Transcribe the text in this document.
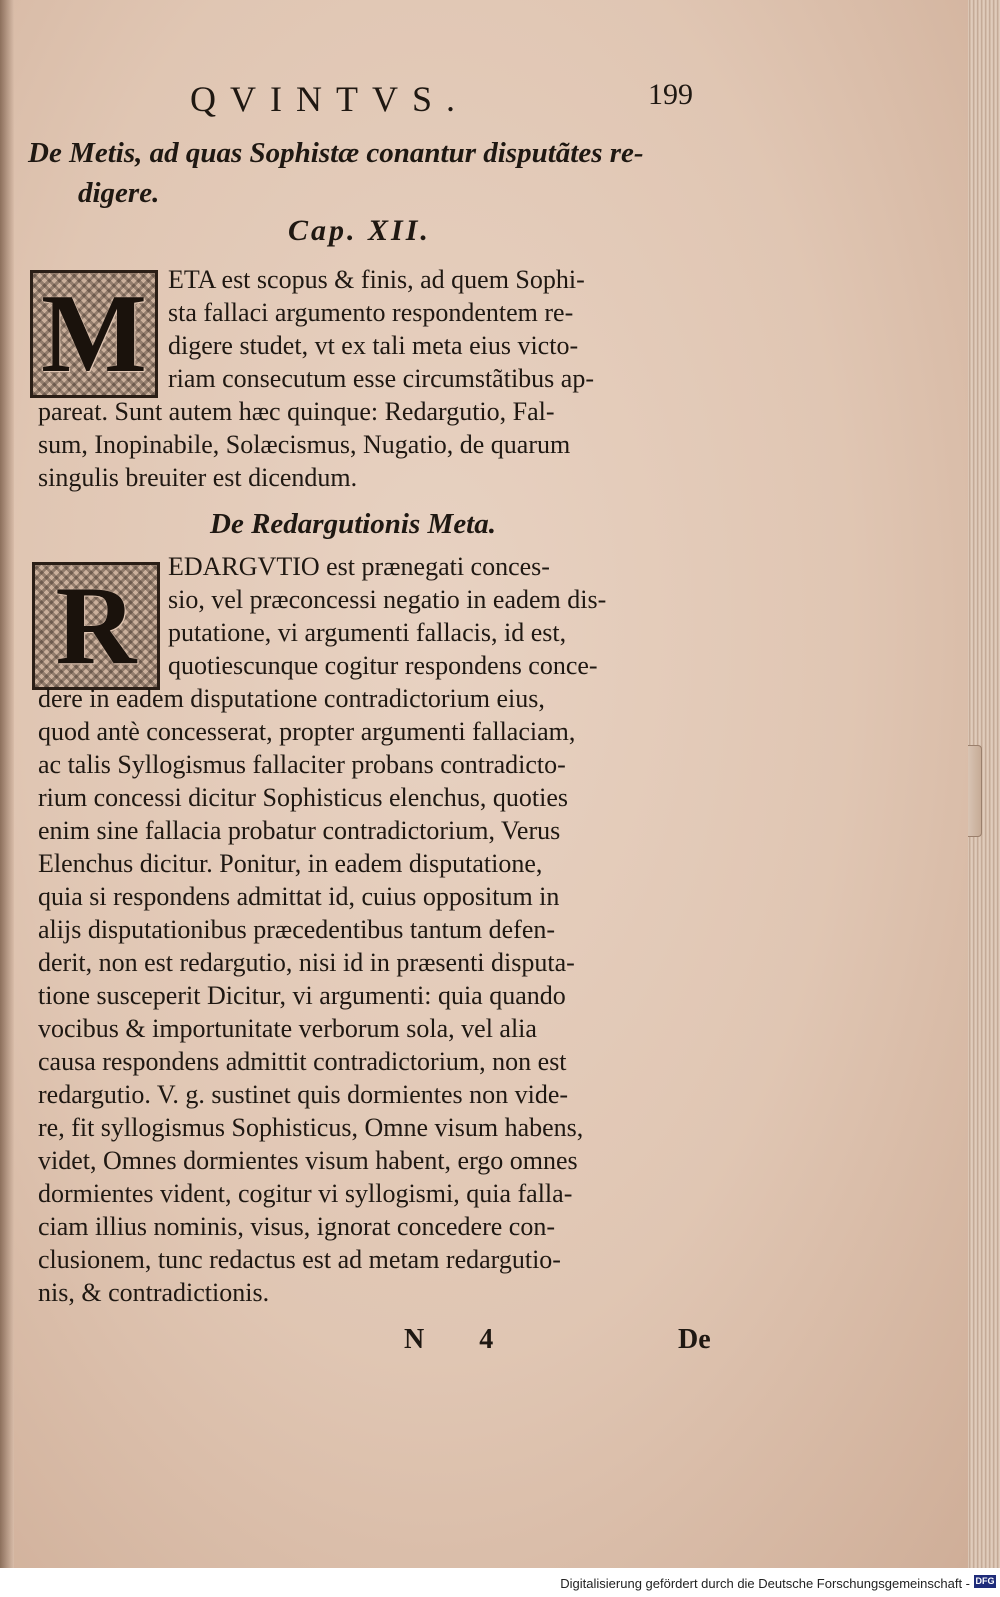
QVINTVS.	199
De Metis, ad quas Sophistæ conantur disputãtes re-
digere.
Cap. XII.
M ETA est scopus & finis, ad quem Sophi-
sta fallaci argumento respondentem re-
digere studet, vt ex tali meta eius victo-
riam consecutum esse circumstãtibus ap-
pareat. Sunt autem hæc quinque: Redargutio, Fal-
sum, Inopinabile, Solæcismus, Nugatio, de quarum
singulis breuiter est dicendum.
De Redargutionis Meta.
R	EDARGVTIO est prænegati conces-
sio, vel præconcessi negatio in eadem dis-
putatione, vi argumenti fallacis, id est,
quotiescunque cogitur respondens conce-
dere in eadem disputatione contradictorium eius,
quod antè concesserat, propter argumenti fallaciam,
ac talis Syllogismus fallaciter probans contradicto-
rium concessi dicitur Sophisticus elenchus, quoties
enim sine fallacia probatur contradictorium, Verus
Elenchus dicitur. Ponitur, in eadem disputatione,
quia si respondens admittat id, cuius oppositum in
alijs disputationibus præcedentibus tantum defen-
derit, non est redargutio, nisi id in præsenti disputa-
tione susceperit Dicitur, vi argumenti: quia quando
vocibus & importunitate verborum sola, vel alia
causa respondens admittit contradictorium, non est
redargutio. V. g. sustinet quis dormientes non vide-
re, fit syllogismus Sophisticus, Omne visum habens,
videt, Omnes dormientes visum habent, ergo omnes
dormientes vident, cogitur vi syllogismi, quia falla-
ciam illius nominis, visus, ignorat concedere con-
clusionem, tunc redactus est ad metam redargutio-
nis, & contradictionis.
N 4	De
Digitalisierung gefördert durch die Deutsche Forschungsgemeinschaft - DFG
